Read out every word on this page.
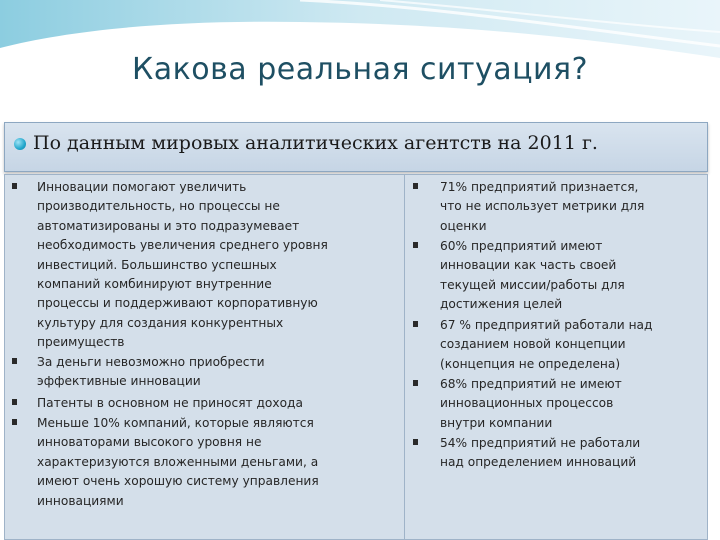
Какова реальная ситуация?
По данным мировых аналитических агентств на 2011 г.

Инновации помогают увеличить
производительность, но процессы не
автоматизированы и это подразумевает
необходимость увеличения среднего уровня
инвестиций. Большинство успешных
компаний комбинируют внутренние
процессы и поддерживают корпоративную
культуру для создания конкурентных
преимуществ

За деньги невозможно приобрести
эффективные инновации

Патенты в основном не приносят дохода

Меньше 10% компаний, которые являются
инноваторами высокого уровня не
характеризуются вложенными деньгами, а
имеют очень хорошую систему управления
инновациями

71% предприятий признается,
что не использует метрики для
оценки

60% предприятий имеют
инновации как часть своей
текущей миссии/работы для
достижения целей

67 % предприятий работали над
созданием новой концепции
(концепция не определена)

68% предприятий не имеют
инновационных процессов
внутри компании

54% предприятий не работали
над определением инноваций
